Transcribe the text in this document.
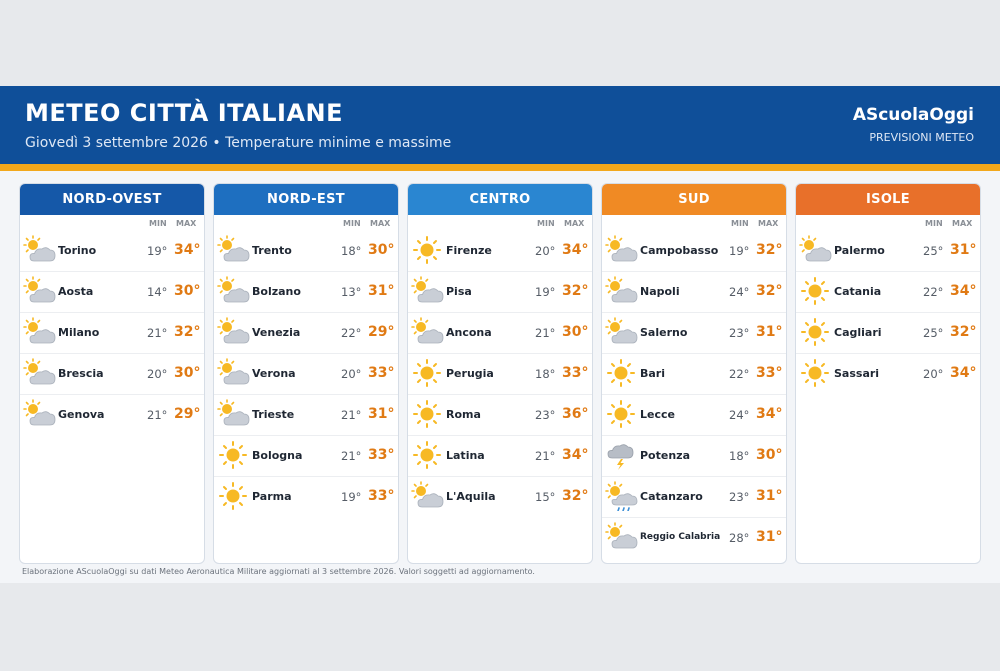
METEO CITTÀ ITALIANE
Giovedì 3 settembre 2026 • Temperature minime e massime
AScuolaOggi
PREVISIONI METEO
NORD-OVEST
MIN MAX
Torino	19° 34°
Aosta	14° 30°
Milano	21° 32°
Brescia	20° 30°
Genova	21° 29°
NORD-EST
MIN MAX
Trento	18° 30°
Bolzano	13° 31°
Venezia	22° 29°
Verona	20° 33°
Trieste	21° 31°
Bologna	21° 33°
Parma	19° 33°
CENTRO
MIN MAX
Firenze	20° 34°
Pisa	19° 32°
Ancona	21° 30°
Perugia	18° 33°
Roma	23° 36°
Latina	21° 34°
L'Aquila	15° 32°
SUD
MIN MAX
Campobasso 19° 32°
Napoli	24° 32°
Salerno	23° 31°
Bari	22° 33°
Lecce	24° 34°
Potenza	18° 30°
Catanzaro 23° 31°
Reggio Calabria 28° 31°
ISOLE
MIN MAX
Palermo	25° 31°
Catania	22° 34°
Cagliari	25° 32°
Sassari	20° 34°
Elaborazione AScuolaOggi su dati Meteo Aeronautica Militare aggiornati al 3 settembre 2026. Valori soggetti ad aggiornamento.
